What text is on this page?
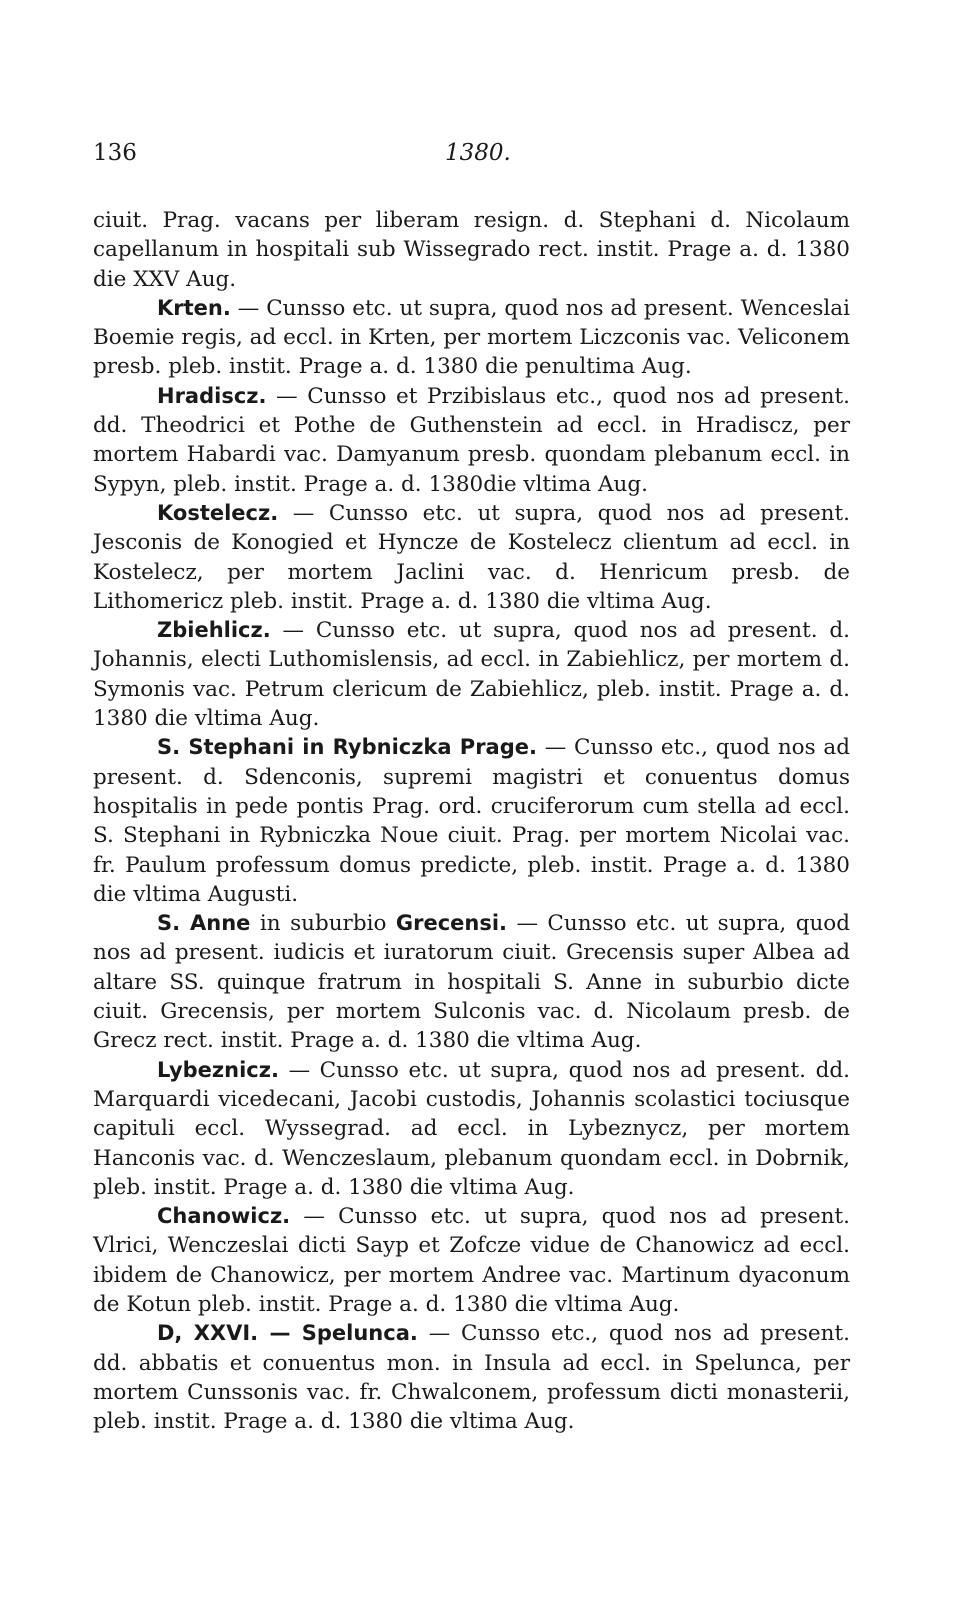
136	1380.

ciuit. Prag. vacans per liberam resign. d. Stephani d. Nicolaum capellanum in hospitali sub Wissegrado rect. instit. Prage a. d. 1380 die XXV Aug.

Krten. — Cunsso etc. ut supra, quod nos ad present. Wenceslai Boemie regis, ad eccl. in Krten, per mortem Liczconis vac. Veliconem presb. pleb. instit. Prage a. d. 1380 die penultima Aug.

Hradiscz. — Cunsso et Przibislaus etc., quod nos ad present. dd. Theodrici et Pothe de Guthenstein ad eccl. in Hradiscz, per mortem Habardi vac. Damyanum presb. quondam plebanum eccl. in Sypyn, pleb. instit. Prage a. d. 1380die vltima Aug.

Kostelecz. — Cunsso etc. ut supra, quod nos ad present. Jesconis de Konogied et Hyncze de Kostelecz clientum ad eccl. in Kostelecz, per mortem Jaclini vac. d. Henricum presb. de Lithomericz pleb. instit. Prage a. d. 1380 die vltima Aug.

Zbiehlicz. — Cunsso etc. ut supra, quod nos ad present. d. Johannis, electi Luthomislensis, ad eccl. in Zabiehlicz, per mortem d. Symonis vac. Petrum clericum de Zabiehlicz, pleb. instit. Prage a. d. 1380 die vltima Aug.

S. Stephani in Rybniczka Prage. — Cunsso etc., quod nos ad present. d. Sdenconis, supremi magistri et conuentus domus hospitalis in pede pontis Prag. ord. cruciferorum cum stella ad eccl. S. Stephani in Rybniczka Noue ciuit. Prag. per mortem Nicolai vac. fr. Paulum professum domus predicte, pleb. instit. Prage a. d. 1380 die vltima Augusti.

S. Anne in suburbio Grecensi. — Cunsso etc. ut supra, quod nos ad present. iudicis et iuratorum ciuit. Grecensis super Albea ad altare SS. quinque fratrum in hospitali S. Anne in suburbio dicte ciuit. Grecensis, per mortem Sulconis vac. d. Nicolaum presb. de Grecz rect. instit. Prage a. d. 1380 die vltima Aug.

Lybeznicz. — Cunsso etc. ut supra, quod nos ad present. dd. Marquardi vicedecani, Jacobi custodis, Johannis scolastici tociusque capituli eccl. Wyssegrad. ad eccl. in Lybeznycz, per mortem Hanconis vac. d. Wenczeslaum, plebanum quondam eccl. in Dobrnik, pleb. instit. Prage a. d. 1380 die vltima Aug.

Chanowicz. — Cunsso etc. ut supra, quod nos ad present. Vlrici, Wenczeslai dicti Sayp et Zofcze vidue de Chanowicz ad eccl. ibidem de Chanowicz, per mortem Andree vac. Martinum dyaconum de Kotun pleb. instit. Prage a. d. 1380 die vltima Aug.

D, XXVI. — Spelunca. — Cunsso etc., quod nos ad present. dd. abbatis et conuentus mon. in Insula ad eccl. in Spelunca, per mortem Cunssonis vac. fr. Chwalconem, professum dicti monasterii, pleb. instit. Prage a. d. 1380 die vltima Aug.
